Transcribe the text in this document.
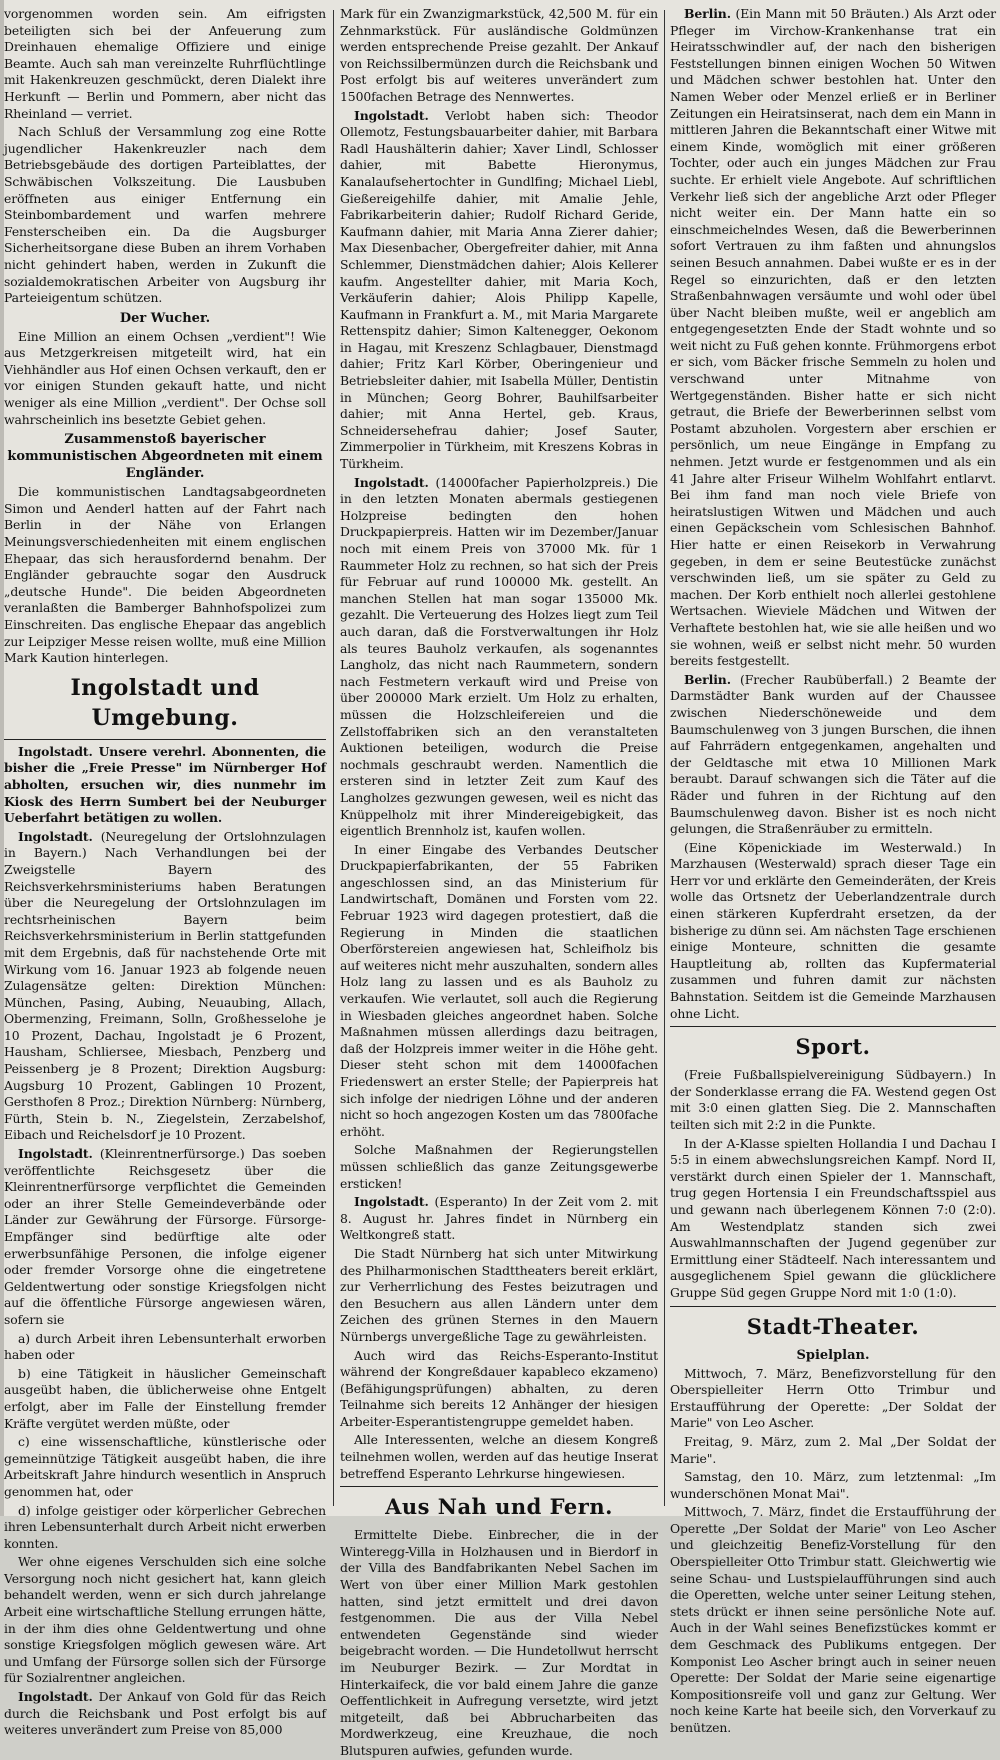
vorgenommen worden sein. Am eifrigsten beteiligten sich bei der Anfeuerung zum Dreinhauen ehemalige Offiziere und einige Beamte. Auch sah man vereinzelte Ruhrflüchtlinge mit Hakenkreuzen geschmückt, deren Dialekt ihre Herkunft — Berlin und Pommern, aber nicht das Rheinland — verriet.

Nach Schluß der Versammlung zog eine Rotte jugendlicher Hakenkreuzler nach dem Betriebsgebäude des dortigen Parteiblattes, der Schwäbischen Volkszeitung. Die Lausbuben eröffneten aus einiger Entfernung ein Steinbombardement und warfen mehrere Fensterscheiben ein. Da die Augsburger Sicherheitsorgane diese Buben an ihrem Vorhaben nicht gehindert haben, werden in Zukunft die sozialdemokratischen Arbeiter von Augsburg ihr Parteieigentum schützen.

Der Wucher.

Eine Million an einem Ochsen „verdient"! Wie aus Metzgerkreisen mitgeteilt wird, hat ein Viehhändler aus Hof einen Ochsen verkauft, den er vor einigen Stunden gekauft hatte, und nicht weniger als eine Million „verdient". Der Ochse soll wahrscheinlich ins besetzte Gebiet gehen.

Zusammenstoß bayerischer kommunistischen Abgeordneten mit einem Engländer.

Die kommunistischen Landtagsabgeordneten Simon und Aenderl hatten auf der Fahrt nach Berlin in der Nähe von Erlangen Meinungsverschiedenheiten mit einem englischen Ehepaar, das sich herausfordernd benahm. Der Engländer gebrauchte sogar den Ausdruck „deutsche Hunde". Die beiden Abgeordneten veranlaßten die Bamberger Bahnhofspolizei zum Einschreiten. Das englische Ehepaar das angeblich zur Leipziger Messe reisen wollte, muß eine Million Mark Kaution hinterlegen.

Ingolstadt und Umgebung.

Ingolstadt. Unsere verehrl. Abonnenten, die bisher die „Freie Presse" im Nürnberger Hof abholten, ersuchen wir, dies nunmehr im Kiosk des Herrn Sumbert bei der Neuburger Ueberfahrt betätigen zu wollen.

Ingolstadt. (Neuregelung der Ortslohnzulagen in Bayern.) Nach Verhandlungen bei der Zweigstelle Bayern des Reichsverkehrsministeriums haben Beratungen über die Neuregelung der Ortslohnzulagen im rechtsrheinischen Bayern beim Reichsverkehrsministerium in Berlin stattgefunden mit dem Ergebnis, daß für nachstehende Orte mit Wirkung vom 16. Januar 1923 ab folgende neuen Zulagensätze gelten: Direktion München: München, Pasing, Aubing, Neuaubing, Allach, Obermenzing, Freimann, Solln, Großhesselohe je 10 Prozent, Dachau, Ingolstadt je 6 Prozent, Hausham, Schliersee, Miesbach, Penzberg und Peissenberg je 8 Prozent; Direktion Augsburg: Augsburg 10 Prozent, Gablingen 10 Prozent, Gersthofen 8 Proz.; Direktion Nürnberg: Nürnberg, Fürth, Stein b. N., Ziegelstein, Zerzabelshof, Eibach und Reichelsdorf je 10 Prozent.

Ingolstadt. (Kleinrentnerfürsorge.) Das soeben veröffentlichte Reichsgesetz über die Kleinrentnerfürsorge verpflichtet die Gemeinden oder an ihrer Stelle Gemeindeverbände oder Länder zur Gewährung der Fürsorge. Fürsorge-Empfänger sind bedürftige alte oder erwerbsunfähige Personen, die infolge eigener oder fremder Vorsorge ohne die eingetretene Geldentwertung oder sonstige Kriegsfolgen nicht auf die öffentliche Fürsorge angewiesen wären, sofern sie

a) durch Arbeit ihren Lebensunterhalt erworben haben oder

b) eine Tätigkeit in häuslicher Gemeinschaft ausgeübt haben, die üblicherweise ohne Entgelt erfolgt, aber im Falle der Einstellung fremder Kräfte vergütet werden müßte, oder

c) eine wissenschaftliche, künstlerische oder gemeinnützige Tätigkeit ausgeübt haben, die ihre Arbeitskraft Jahre hindurch wesentlich in Anspruch genommen hat, oder

d) infolge geistiger oder körperlicher Gebrechen ihren Lebensunterhalt durch Arbeit nicht erwerben konnten.

Wer ohne eigenes Verschulden sich eine solche Versorgung noch nicht gesichert hat, kann gleich behandelt werden, wenn er sich durch jahrelange Arbeit eine wirtschaftliche Stellung errungen hätte, in der ihm dies ohne Geldentwertung und ohne sonstige Kriegsfolgen möglich gewesen wäre. Art und Umfang der Fürsorge sollen sich der Fürsorge für Sozialrentner angleichen.

Ingolstadt. Der Ankauf von Gold für das Reich durch die Reichsbank und Post erfolgt bis auf weiteres unverändert zum Preise von 85,000

Mark für ein Zwanzigmarkstück, 42,500 M. für ein Zehnmarkstück. Für ausländische Goldmünzen werden entsprechende Preise gezahlt. Der Ankauf von Reichssilbermünzen durch die Reichsbank und Post erfolgt bis auf weiteres unverändert zum 1500fachen Betrage des Nennwertes.

Ingolstadt. Verlobt haben sich: Theodor Ollemotz, Festungsbauarbeiter dahier, mit Barbara Radl Haushälterin dahier; Xaver Lindl, Schlosser dahier, mit Babette Hieronymus, Kanalaufsehertochter in Gundlfing; Michael Liebl, Gießereigehilfe dahier, mit Amalie Jehle, Fabrikarbeiterin dahier; Rudolf Richard Geride, Kaufmann dahier, mit Maria Anna Zierer dahier; Max Diesenbacher, Obergefreiter dahier, mit Anna Schlemmer, Dienstmädchen dahier; Alois Kellerer kaufm. Angestellter dahier, mit Maria Koch, Verkäuferin dahier; Alois Philipp Kapelle, Kaufmann in Frankfurt a. M., mit Maria Margarete Rettenspitz dahier; Simon Kaltenegger, Oekonom in Hagau, mit Kreszenz Schlagbauer, Dienstmagd dahier; Fritz Karl Körber, Oberingenieur und Betriebsleiter dahier, mit Isabella Müller, Dentistin in München; Georg Bohrer, Bauhilfsarbeiter dahier; mit Anna Hertel, geb. Kraus, Schneidersehefrau dahier; Josef Sauter, Zimmerpolier in Türkheim, mit Kreszens Kobras in Türkheim.

Ingolstadt. (14000facher Papierholzpreis.) Die in den letzten Monaten abermals gestiegenen Holzpreise bedingten den hohen Druckpapierpreis. Hatten wir im Dezember/Januar noch mit einem Preis von 37000 Mk. für 1 Raummeter Holz zu rechnen, so hat sich der Preis für Februar auf rund 100000 Mk. gestellt. An manchen Stellen hat man sogar 135000 Mk. gezahlt. Die Verteuerung des Holzes liegt zum Teil auch daran, daß die Forstverwaltungen ihr Holz als teures Bauholz verkaufen, als sogenanntes Langholz, das nicht nach Raummetern, sondern nach Festmetern verkauft wird und Preise von über 200000 Mark erzielt. Um Holz zu erhalten, müssen die Holzschleifereien und die Zellstoffabriken sich an den veranstalteten Auktionen beteiligen, wodurch die Preise nochmals geschraubt werden. Namentlich die ersteren sind in letzter Zeit zum Kauf des Langholzes gezwungen gewesen, weil es nicht das Knüppelholz mit ihrer Mindereigebigkeit, das eigentlich Brennholz ist, kaufen wollen.

In einer Eingabe des Verbandes Deutscher Druckpapierfabrikanten, der 55 Fabriken angeschlossen sind, an das Ministerium für Landwirtschaft, Domänen und Forsten vom 22. Februar 1923 wird dagegen protestiert, daß die Regierung in Minden die staatlichen Oberförstereien angewiesen hat, Schleifholz bis auf weiteres nicht mehr auszuhalten, sondern alles Holz lang zu lassen und es als Bauholz zu verkaufen. Wie verlautet, soll auch die Regierung in Wiesbaden gleiches angeordnet haben. Solche Maßnahmen müssen allerdings dazu beitragen, daß der Holzpreis immer weiter in die Höhe geht. Dieser steht schon mit dem 14000fachen Friedenswert an erster Stelle; der Papierpreis hat sich infolge der niedrigen Löhne und der anderen nicht so hoch angezogen Kosten um das 7800fache erhöht.

Solche Maßnahmen der Regierungstellen müssen schließlich das ganze Zeitungsgewerbe ersticken!

Ingolstadt. (Esperanto) In der Zeit vom 2. mit 8. August hr. Jahres findet in Nürnberg ein Weltkongreß statt.

Die Stadt Nürnberg hat sich unter Mitwirkung des Philharmonischen Stadttheaters bereit erklärt, zur Verherrlichung des Festes beizutragen und den Besuchern aus allen Ländern unter dem Zeichen des grünen Sternes in den Mauern Nürnbergs unvergeßliche Tage zu gewährleisten.

Auch wird das Reichs-Esperanto-Institut während der Kongreßdauer kapableco ekzameno) (Befähigungsprüfungen) abhalten, zu deren Teilnahme sich bereits 12 Anhänger der hiesigen Arbeiter-Esperantistengruppe gemeldet haben.

Alle Interessenten, welche an diesem Kongreß teilnehmen wollen, werden auf das heutige Inserat betreffend Esperanto Lehrkurse hingewiesen.

Aus Nah und Fern.

Ermittelte Diebe. Einbrecher, die in der Winteregg-Villa in Holzhausen und in Bierdorf in der Villa des Bandfabrikanten Nebel Sachen im Wert von über einer Million Mark gestohlen hatten, sind jetzt ermittelt und drei davon festgenommen. Die aus der Villa Nebel entwendeten Gegenstände sind wieder beigebracht worden. — Die Hundetollwut herrscht im Neuburger Bezirk. — Zur Mordtat in Hinterkaifeck, die vor bald einem Jahre die ganze Oeffentlichkeit in Aufregung versetzte, wird jetzt mitgeteilt, daß bei Abbrucharbeiten das Mordwerkzeug, eine Kreuzhaue, die noch Blutspuren aufwies, gefunden wurde.

Berlin. (Ein Mann mit 50 Bräuten.) Als Arzt oder Pfleger im Virchow-Krankenhanse trat ein Heiratsschwindler auf, der nach den bisherigen Feststellungen binnen einigen Wochen 50 Witwen und Mädchen schwer bestohlen hat. Unter den Namen Weber oder Menzel erließ er in Berliner Zeitungen ein Heiratsinserat, nach dem ein Mann in mittleren Jahren die Bekanntschaft einer Witwe mit einem Kinde, womöglich mit einer größeren Tochter, oder auch ein junges Mädchen zur Frau suchte. Er erhielt viele Angebote. Auf schriftlichen Verkehr ließ sich der angebliche Arzt oder Pfleger nicht weiter ein. Der Mann hatte ein so einschmeichelndes Wesen, daß die Bewerberinnen sofort Vertrauen zu ihm faßten und ahnungslos seinen Besuch annahmen. Dabei wußte er es in der Regel so einzurichten, daß er den letzten Straßenbahnwagen versäumte und wohl oder übel über Nacht bleiben mußte, weil er angeblich am entgegengesetzten Ende der Stadt wohnte und so weit nicht zu Fuß gehen konnte. Frühmorgens erbot er sich, vom Bäcker frische Semmeln zu holen und verschwand unter Mitnahme von Wertgegenständen. Bisher hatte er sich nicht getraut, die Briefe der Bewerberinnen selbst vom Postamt abzuholen. Vorgestern aber erschien er persönlich, um neue Eingänge in Empfang zu nehmen. Jetzt wurde er festgenommen und als ein 41 Jahre alter Friseur Wilhelm Wohlfahrt entlarvt. Bei ihm fand man noch viele Briefe von heiratslustigen Witwen und Mädchen und auch einen Gepäckschein vom Schlesischen Bahnhof. Hier hatte er einen Reisekorb in Verwahrung gegeben, in dem er seine Beutestücke zunächst verschwinden ließ, um sie später zu Geld zu machen. Der Korb enthielt noch allerlei gestohlene Wertsachen. Wieviele Mädchen und Witwen der Verhaftete bestohlen hat, wie sie alle heißen und wo sie wohnen, weiß er selbst nicht mehr. 50 wurden bereits festgestellt.

Berlin. (Frecher Raubüberfall.) 2 Beamte der Darmstädter Bank wurden auf der Chaussee zwischen Niederschöneweide und dem Baumschulenweg von 3 jungen Burschen, die ihnen auf Fahrrädern entgegenkamen, angehalten und der Geldtasche mit etwa 10 Millionen Mark beraubt. Darauf schwangen sich die Täter auf die Räder und fuhren in der Richtung auf den Baumschulenweg davon. Bisher ist es noch nicht gelungen, die Straßenräuber zu ermitteln.

(Eine Köpenickiade im Westerwald.) In Marzhausen (Westerwald) sprach dieser Tage ein Herr vor und erklärte den Gemeinderäten, der Kreis wolle das Ortsnetz der Ueberlandzentrale durch einen stärkeren Kupferdraht ersetzen, da der bisherige zu dünn sei. Am nächsten Tage erschienen einige Monteure, schnitten die gesamte Hauptleitung ab, rollten das Kupfermaterial zusammen und fuhren damit zur nächsten Bahnstation. Seitdem ist die Gemeinde Marzhausen ohne Licht.

Sport.

(Freie Fußballspielvereinigung Südbayern.) In der Sonderklasse errang die FA. Westend gegen Ost mit 3:0 einen glatten Sieg. Die 2. Mannschaften teilten sich mit 2:2 in die Punkte.

In der A-Klasse spielten Hollandia I und Dachau I 5:5 in einem abwechslungsreichen Kampf. Nord II, verstärkt durch einen Spieler der 1. Mannschaft, trug gegen Hortensia I ein Freundschaftsspiel aus und gewann nach überlegenem Können 7:0 (2:0). Am Westendplatz standen sich zwei Auswahlmannschaften der Jugend gegenüber zur Ermittlung einer Städteelf. Nach interessantem und ausgeglichenem Spiel gewann die glücklichere Gruppe Süd gegen Gruppe Nord mit 1:0 (1:0).

Stadt-Theater.
Spielplan.

Mittwoch, 7. März, Benefizvorstellung für den Oberspielleiter Herrn Otto Trimbur und Erstaufführung der Operette: „Der Soldat der Marie" von Leo Ascher.

Freitag, 9. März, zum 2. Mal „Der Soldat der Marie".

Samstag, den 10. März, zum letztenmal: „Im wunderschönen Monat Mai".

Mittwoch, 7. März, findet die Erstaufführung der Operette „Der Soldat der Marie" von Leo Ascher und gleichzeitig Benefiz-Vorstellung für den Oberspielleiter Otto Trimbur statt. Gleichwertig wie seine Schau- und Lustspielaufführungen sind auch die Operetten, welche unter seiner Leitung stehen, stets drückt er ihnen seine persönliche Note auf. Auch in der Wahl seines Benefizstückes kommt er dem Geschmack des Publikums entgegen. Der Komponist Leo Ascher bringt auch in seiner neuen Operette: Der Soldat der Marie seine eigenartige Kompositionsreife voll und ganz zur Geltung. Wer noch keine Karte hat beeile sich, den Vorverkauf zu benützen.
